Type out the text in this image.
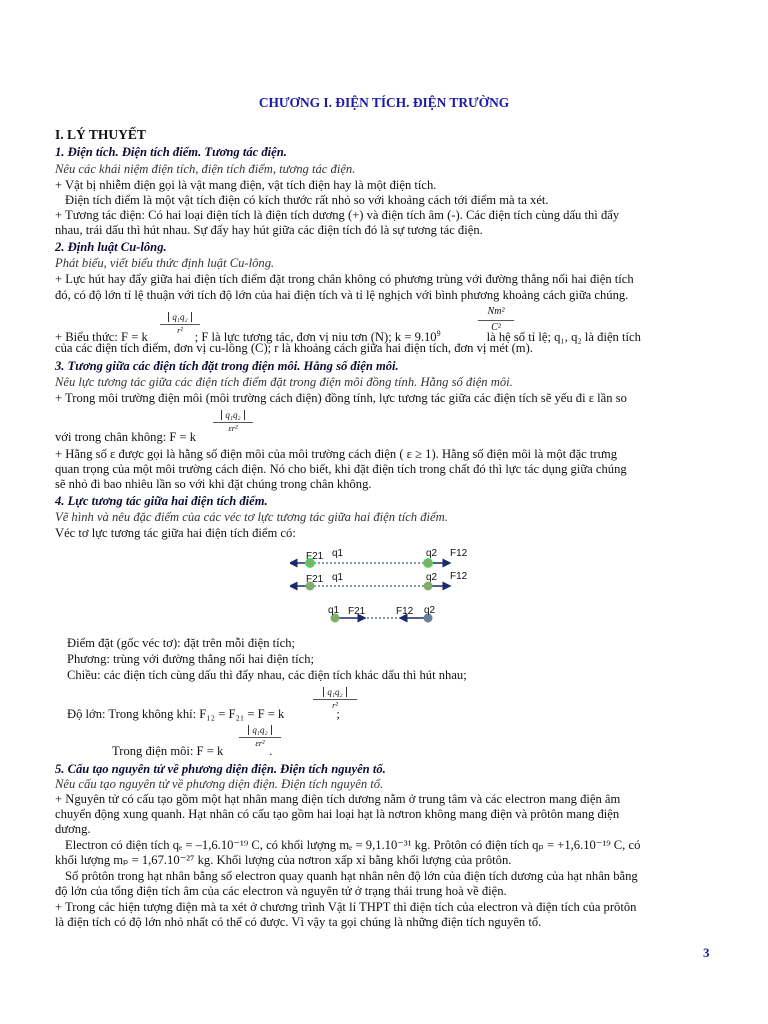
CHƯƠNG I. ĐIỆN TÍCH. ĐIỆN TRƯỜNG
I. LÝ THUYẾT
1. Điện tích. Điện tích điểm. Tương tác điện.
Nêu các khái niệm điện tích, điện tích điểm, tương tác điện.
+ Vật bị nhiễm điện gọi là vật mang điện, vật tích điện hay là một điện tích.
Điện tích điểm là một vật tích điện có kích thước rất nhỏ so với khoảng cách tới điểm mà ta xét.
+ Tương tác điện: Có hai loại điện tích là điện tích dương (+) và điện tích âm (-). Các điện tích cùng dấu thì đẩy
nhau, trái dấu thì hút nhau. Sự đẩy hay hút giữa các điện tích đó là sự tương tác điện.
2. Định luật Cu-lông.
Phát biểu, viết biểu thức định luật Cu-lông.
+ Lực hút hay đẩy giữa hai điện tích điểm đặt trong chân không có phương trùng với đường thẳng nối hai điện tích
đó, có độ lớn tỉ lệ thuận với tích độ lớn của hai điện tích và tỉ lệ nghịch với bình phương khoảng cách giữa chúng.
+ Biểu thức: F = k	; F là lực tương tác, đơn vị niu tơn (N); $k = 9.10^9$	là hệ số tỉ lệ; q₁, q₂ là điện tích
$\frac{\text{q₁q₂}}{\text{r²}}$	$\frac{\text{Nm²}}{\text{C²}}$
của các điện tích điểm, đơn vị cu-lông (C); r là khoảng cách giữa hai điện tích, đơn vị mét (m).
3. Tương giữa các điện tích đặt trong điện môi. Hằng số điện môi.
Nêu lực tương tác giữa các điện tích điểm đặt trong điện môi đồng tính. Hằng số điện môi.
+ Trong môi trường điện môi (môi trường cách điện) đồng tính, lực tương tác giữa các điện tích sẽ yếu đi ε lần so
với trong chân không: F = k
$\frac{\text{q₁q₂}}{\text{εr²}}$
+ Hằng số ε được gọi là hằng số điện môi của môi trường cách điện ( ε ≥ 1). Hằng số điện môi là một đặc trưng
quan trọng của một môi trường cách điện. Nó cho biết, khi đặt điện tích trong chất đó thì lực tác dụng giữa chúng
sẽ nhỏ đi bao nhiêu lần so với khi đặt chúng trong chân không.
4. Lực tương tác giữa hai điện tích điểm.
Vẽ hình và nêu đặc điểm của các véc tơ lực tương tác giữa hai điện tích điểm.
Véc tơ lực tương tác giữa hai điện tích điểm có:
q1	q2
F21	F12
q1	q2
F21	F12
q1	q2
F21	F12
Điểm đặt (gốc véc tơ): đặt trên mỗi điện tích;
Phương: trùng với đường thẳng nối hai điện tích;
Chiều: các điện tích cùng dấu thì đẩy nhau, các điện tích khác dấu thì hút nhau;
Độ lớn: Trong không khí: F₁₂ = F₂₁ = F = k	;
$\frac{\text{q₁q₂}}{\text{r²}}$
Trong điện môi: F = k	.
$\frac{\text{q₁q₂}}{\text{εr²}}$
5. Cấu tạo nguyên tử về phương diện điện. Điện tích nguyên tố.
Nêu cấu tạo nguyên tử về phương diện điện. Điện tích nguyên tố.
+ Nguyên tử có cấu tạo gồm một hạt nhân mang điện tích dương nằm ở trung tâm và các electron mang điện âm
chuyển động xung quanh. Hạt nhân có cấu tạo gồm hai loại hạt là nơtron không mang điện và prôtôn mang điện
dương.
Electron có điện tích qₑ = –1,6.10⁻¹⁹ C, có khối lượng mₑ = 9,1.10⁻³¹ kg. Prôtôn có điện tích qₚ = +1,6.10⁻¹⁹ C, có
khối lượng mₚ = 1,67.10⁻²⁷ kg. Khối lượng của nơtron xấp xỉ bằng khối lượng của prôtôn.
Số prôtôn trong hạt nhân bằng số electron quay quanh hạt nhân nên độ lớn của điện tích dương của hạt nhân bằng
độ lớn của tổng điện tích âm của các electron và nguyên tử ở trạng thái trung hoà về điện.
+ Trong các hiện tượng điện mà ta xét ở chương trình Vật lí THPT thì điện tích của electron và điện tích của prôtôn
là điện tích có độ lớn nhỏ nhất có thể có được. Vì vậy ta gọi chúng là những điện tích nguyên tố.
3
